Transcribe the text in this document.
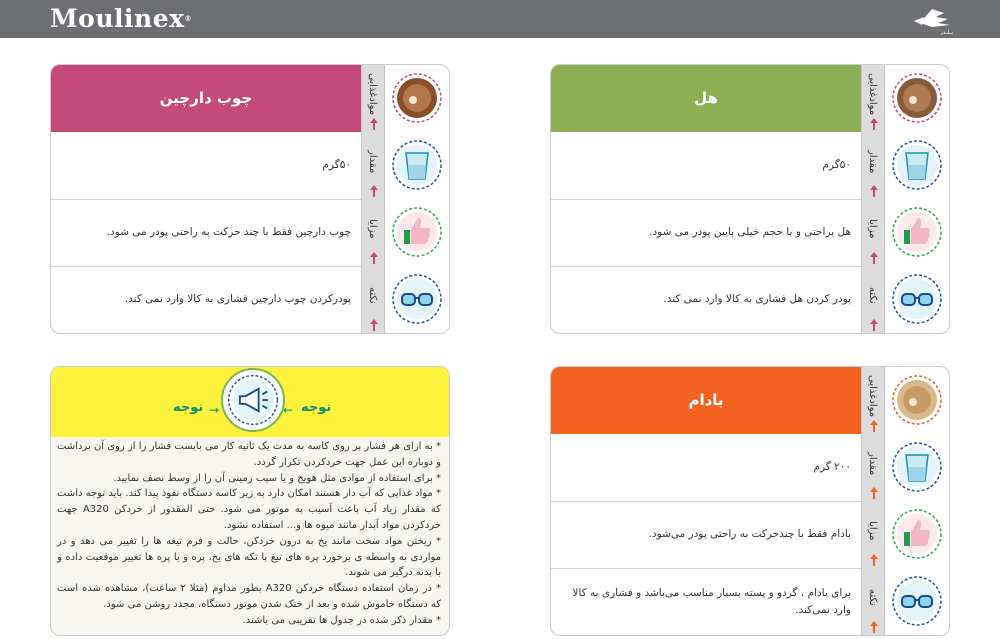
Moulinex®
بـلـدر
موادغذایی
هل
مقدار
۵۰گرم
مزایا
هل براحتی و با حجم خیلی پایین پودر می شود.
نکته
پودر کردن هل فشاری به کالا وارد نمی کند.
موادغذایی
چوب دارچین
مقدار
۵۰گرم
مزایا
چوب دارچین فقط با چند حرکت به راحتی پودر می شود.
نکته
پودرکردن چوب دارچین فشاری به کالا وارد نمی کند.
موادغذایی
بادام
مقدار
۲۰۰ گرم
مزایا
بادام فقط با چندحرکت به راحتی پودر می‌شود.
نکته
برای بادام ، گردو و پسته بسیار مناسب می‌باشد و فشاری به کالا وارد نمی‌کند.
توجه
←
→
توجه
* به ازای هر فشار بر روی کاسه به مدت یک ثانیه کار می بایست فشار را از روی آن برداشت و دوباره این عمل جهت خردکردن تکرار گردد.
* برای استفاده از موادی مثل هویج و یا سیب زمینی آن را از وسط نصف نمایید.
* مواد غذایی که آب دار هستند امکان دارد به زیر کاسه دستگاه نفوذ پیدا کند. باید توجه داشت که مقدار زیاد آب باعث آسیب به موتور می شود. حتی المقدور از خردکن A320 جهت خردکردن مواد آبدار مانند میوه ها و... استفاده نشود.
* ریختن مواد سخت مانند یخ به درون خردکن، حالت و فرم تیغه ها را تغییر می دهد و در مواردی به واسطه ی برخورد پره های تیغ با تکه های یخ، پره و یا پره ها تغییر موقعیت داده و با بدنه درگیر می شوند.
* در زمان استفاده دستگاه خردکن A320 بطور مداوم (مثلا ۲ ساعت)، مشاهده شده است که دستگاه خاموش شده و بعد از خنک شدن موتور دستگاه، مجدد روشن می شود.
* مقدار ذکر شده در جدول ها تقریبی می باشند.
